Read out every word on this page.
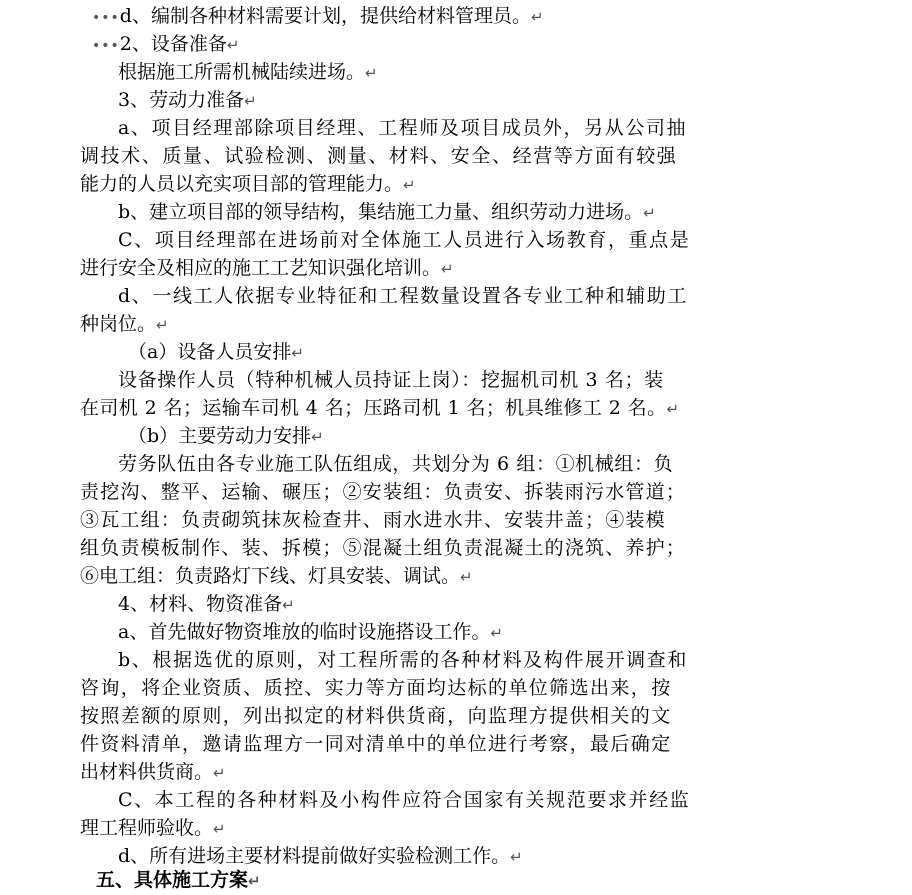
•••d、编制各种材料需要计划，提供给材料管理员。↵
•••2、设备准备↵
根据施工所需机械陆续进场。↵
3、劳动力准备↵
a、项目经理部除项目经理、工程师及项目成员外，另从公司抽
调技术、质量、试验检测、测量、材料、安全、经营等方面有较强
能力的人员以充实项目部的管理能力。↵
b、建立项目部的领导结构，集结施工力量、组织劳动力进场。↵
C、项目经理部在进场前对全体施工人员进行入场教育，重点是
进行安全及相应的施工工艺知识强化培训。↵
d、一线工人依据专业特征和工程数量设置各专业工种和辅助工
种岗位。↵
（a）设备人员安排↵
设备操作人员（特种机械人员持证上岗）：挖掘机司机 3 名；装
在司机 2 名；运输车司机 4 名；压路司机 1 名；机具维修工 2 名。↵
（b）主要劳动力安排↵
劳务队伍由各专业施工队伍组成，共划分为 6 组：①机械组：负
责挖沟、整平、运输、碾压；②安装组：负责安、拆装雨污水管道；
③瓦工组：负责砌筑抹灰检查井、雨水进水井、安装井盖；④装模
组负责模板制作、装、拆模；⑤混凝土组负责混凝土的浇筑、养护；
⑥电工组：负责路灯下线、灯具安装、调试。↵
4、材料、物资准备↵
a、首先做好物资堆放的临时设施搭设工作。↵
b、根据选优的原则，对工程所需的各种材料及构件展开调查和
咨询，将企业资质、质控、实力等方面均达标的单位筛选出来，按
按照差额的原则，列出拟定的材料供货商，向监理方提供相关的文
件资料清单，邀请监理方一同对清单中的单位进行考察，最后确定
出材料供货商。↵
C、本工程的各种材料及小构件应符合国家有关规范要求并经监
理工程师验收。↵
d、所有进场主要材料提前做好实验检测工作。↵
五、具体施工方案↵
